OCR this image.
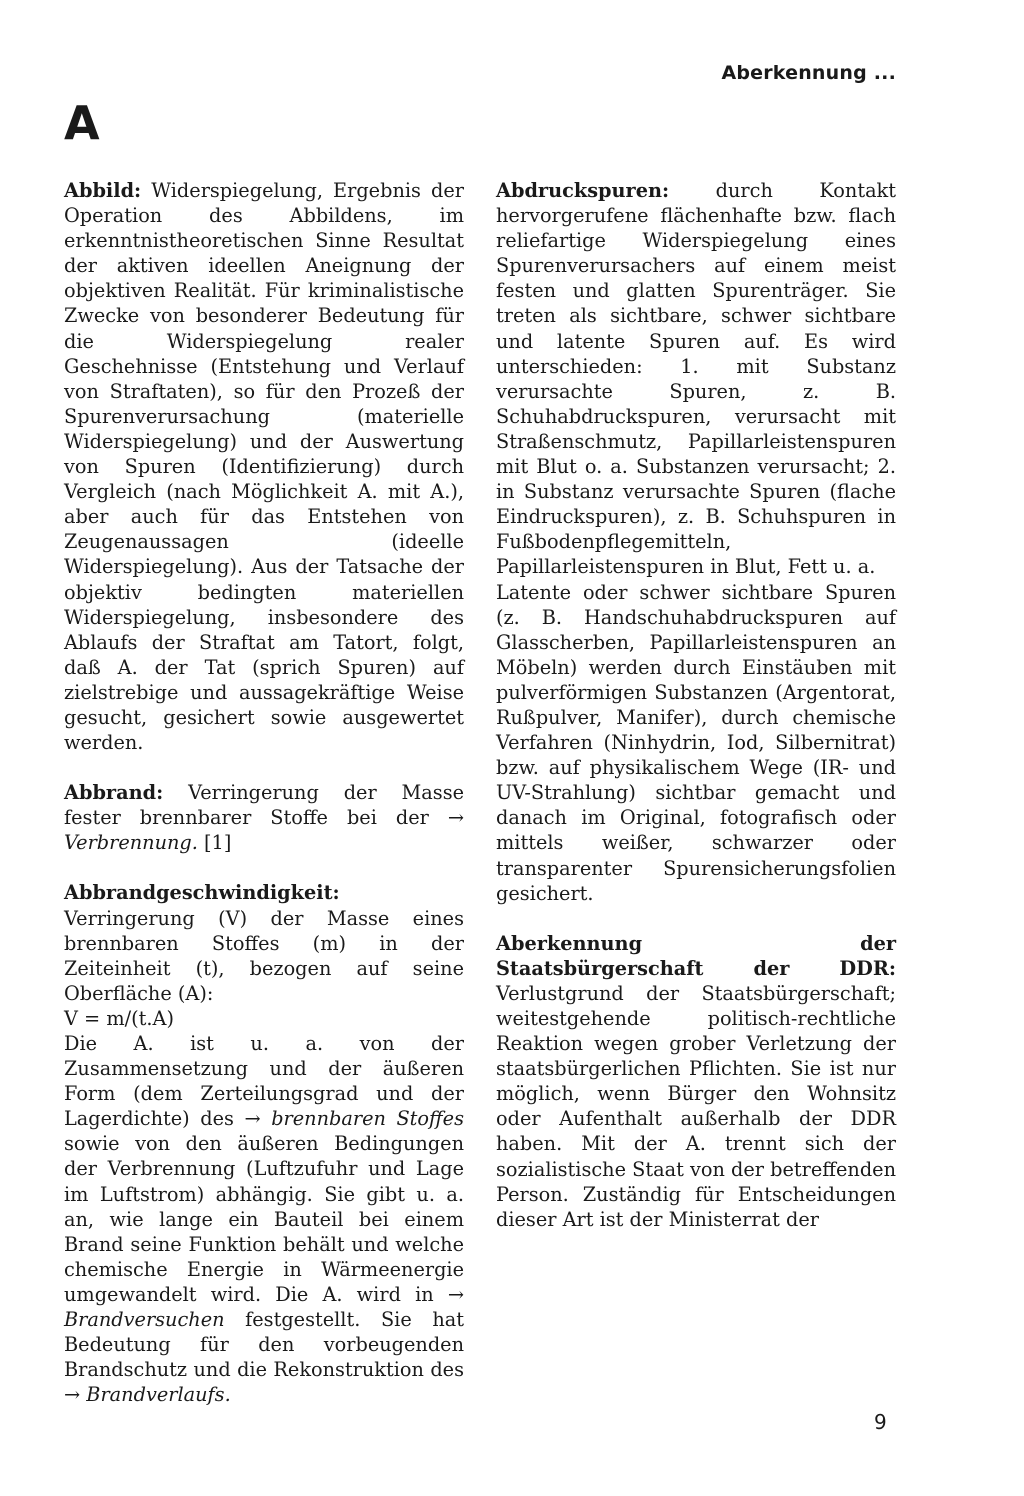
Aberkennung ...
A

Abbild: Widerspiegelung, Ergebnis der Operation des Abbildens, im erkenntnistheoretischen Sinne Resultat der aktiven ideellen Aneignung der objektiven Realität. Für kriminalistische Zwecke von besonderer Bedeutung für die Widerspiegelung realer Geschehnisse (Entstehung und Verlauf von Straftaten), so für den Prozeß der Spurenverursachung (materielle Widerspiegelung) und der Auswertung von Spuren (Identifizierung) durch Vergleich (nach Möglichkeit A. mit A.), aber auch für das Entstehen von Zeugenaussagen (ideelle Widerspiegelung). Aus der Tatsache der objektiv bedingten materiellen Widerspiegelung, insbesondere des Ablaufs der Straftat am Tatort, folgt, daß A. der Tat (sprich Spuren) auf zielstrebige und aussagekräftige Weise gesucht, gesichert sowie ausgewertet werden.

Abbrand: Verringerung der Masse fester brennbarer Stoffe bei der → Verbrennung. [1]

Abbrandgeschwindigkeit: Verringerung (V) der Masse eines brennbaren Stoffes (m) in der Zeiteinheit (t), bezogen auf seine Oberfläche (A):

V = m/(t.A)

Die A. ist u. a. von der Zusammensetzung und der äußeren Form (dem Zerteilungsgrad und der Lagerdichte) des → brennbaren Stoffes sowie von den äußeren Bedingungen der Verbrennung (Luftzufuhr und Lage im Luftstrom) abhängig. Sie gibt u. a. an, wie lange ein Bauteil bei einem Brand seine Funktion behält und welche chemische Energie in Wärmeenergie umgewandelt wird. Die A. wird in → Brandversuchen festgestellt. Sie hat Bedeutung für den vorbeugenden Brandschutz und die Rekonstruktion des → Brandverlaufs.

Abdruckspuren: durch Kontakt hervorgerufene flächenhafte bzw. flach reliefartige Widerspiegelung eines Spurenverursachers auf einem meist festen und glatten Spurenträger. Sie treten als sichtbare, schwer sichtbare und latente Spuren auf. Es wird unterschieden: 1. mit Substanz verursachte Spuren, z. B. Schuhabdruckspuren, verursacht mit Straßenschmutz, Papillarleistenspuren mit Blut o. a. Substanzen verursacht; 2. in Substanz verursachte Spuren (flache Eindruckspuren), z. B. Schuhspuren in Fußbodenpflegemitteln, Papillarleistenspuren in Blut, Fett u. a.

Latente oder schwer sichtbare Spuren (z. B. Handschuhabdruckspuren auf Glasscherben, Papillarleistenspuren an Möbeln) werden durch Einstäuben mit pulverförmigen Substanzen (Argentorat, Rußpulver, Manifer), durch chemische Verfahren (Ninhydrin, Iod, Silbernitrat) bzw. auf physikalischem Wege (IR- und UV-Strahlung) sichtbar gemacht und danach im Original, fotografisch oder mittels weißer, schwarzer oder transparenter Spurensicherungsfolien gesichert.

Aberkennung der Staatsbürgerschaft der DDR: Verlustgrund der Staatsbürgerschaft; weitestgehende politisch-rechtliche Reaktion wegen grober Verletzung der staatsbürgerlichen Pflichten. Sie ist nur möglich, wenn Bürger den Wohnsitz oder Aufenthalt außerhalb der DDR haben. Mit der A. trennt sich der sozialistische Staat von der betreffenden Person. Zuständig für Entscheidungen dieser Art ist der Ministerrat der

9
